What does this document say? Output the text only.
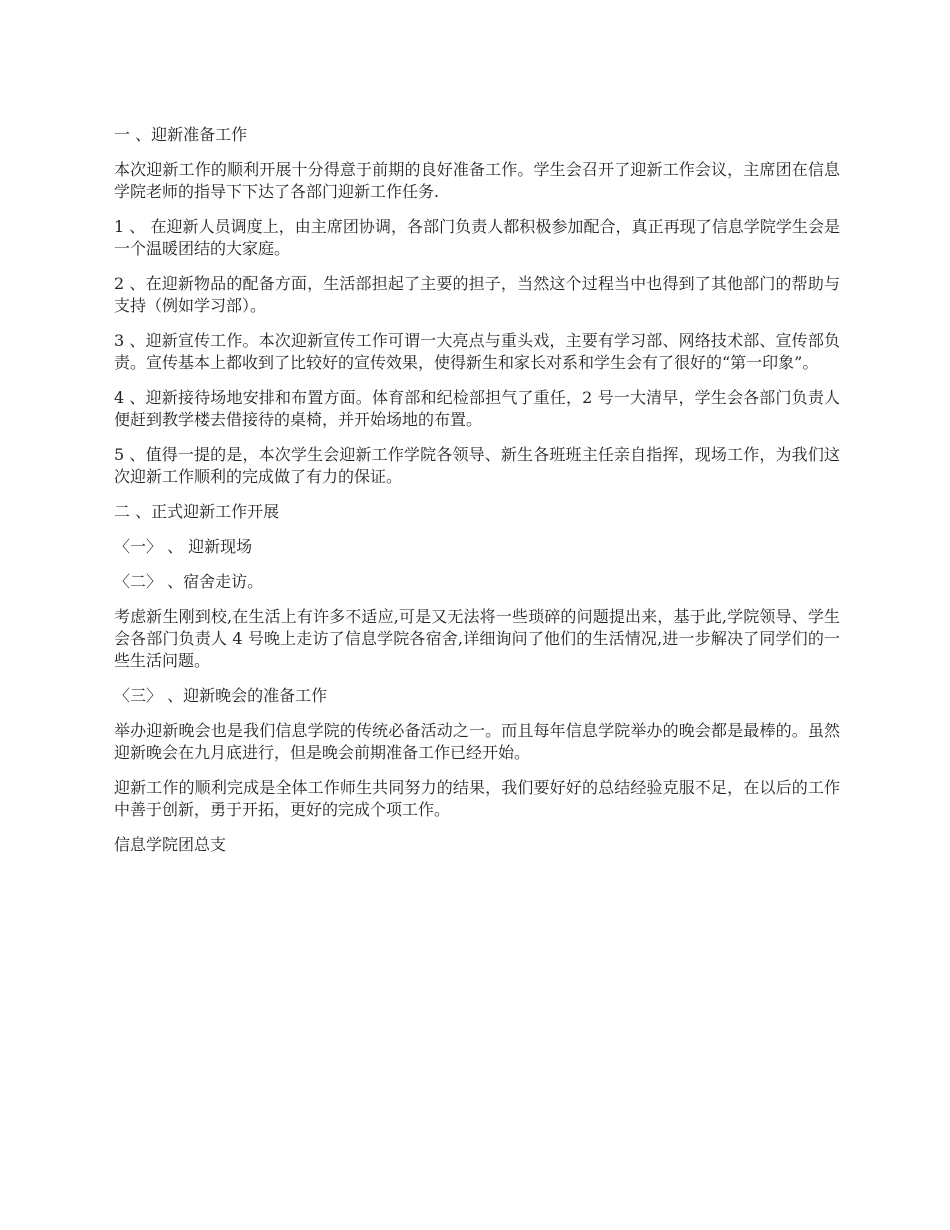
一 、迎新准备工作

本次迎新工作的顺利开展十分得意于前期的良好准备工作。学生会召开了迎新工作会议，主席团在信息学院老师的指导下下达了各部门迎新工作任务.

1 、 在迎新人员调度上，由主席团协调，各部门负责人都积极参加配合，真正再现了信息学院学生会是一个温暖团结的大家庭。

2 、在迎新物品的配备方面，生活部担起了主要的担子，当然这个过程当中也得到了其他部门的帮助与支持（例如学习部）。

3 、迎新宣传工作。本次迎新宣传工作可谓一大亮点与重头戏，主要有学习部、网络技术部、宣传部负责。宣传基本上都收到了比较好的宣传效果，使得新生和家长对系和学生会有了很好的“第一印象”。

4 、迎新接待场地安排和布置方面。体育部和纪检部担气了重任，2 号一大清早，学生会各部门负责人便赶到教学楼去借接待的桌椅，并开始场地的布置。

5 、值得一提的是，本次学生会迎新工作学院各领导、新生各班班主任亲自指挥，现场工作，为我们这次迎新工作顺利的完成做了有力的保证。

二 、正式迎新工作开展

〈一〉 、 迎新现场

〈二〉 、宿舍走访。

考虑新生刚到校,在生活上有许多不适应,可是又无法将一些琐碎的问题提出来，基于此,学院领导、学生会各部门负责人 4 号晚上走访了信息学院各宿舍,详细询问了他们的生活情况,进一步解决了同学们的一些生活问题。

〈三〉 、迎新晚会的准备工作

举办迎新晚会也是我们信息学院的传统必备活动之一。而且每年信息学院举办的晚会都是最棒的。虽然迎新晚会在九月底进行，但是晚会前期准备工作已经开始。

迎新工作的顺利完成是全体工作师生共同努力的结果，我们要好好的总结经验克服不足，在以后的工作中善于创新，勇于开拓，更好的完成个项工作。

信息学院团总支
